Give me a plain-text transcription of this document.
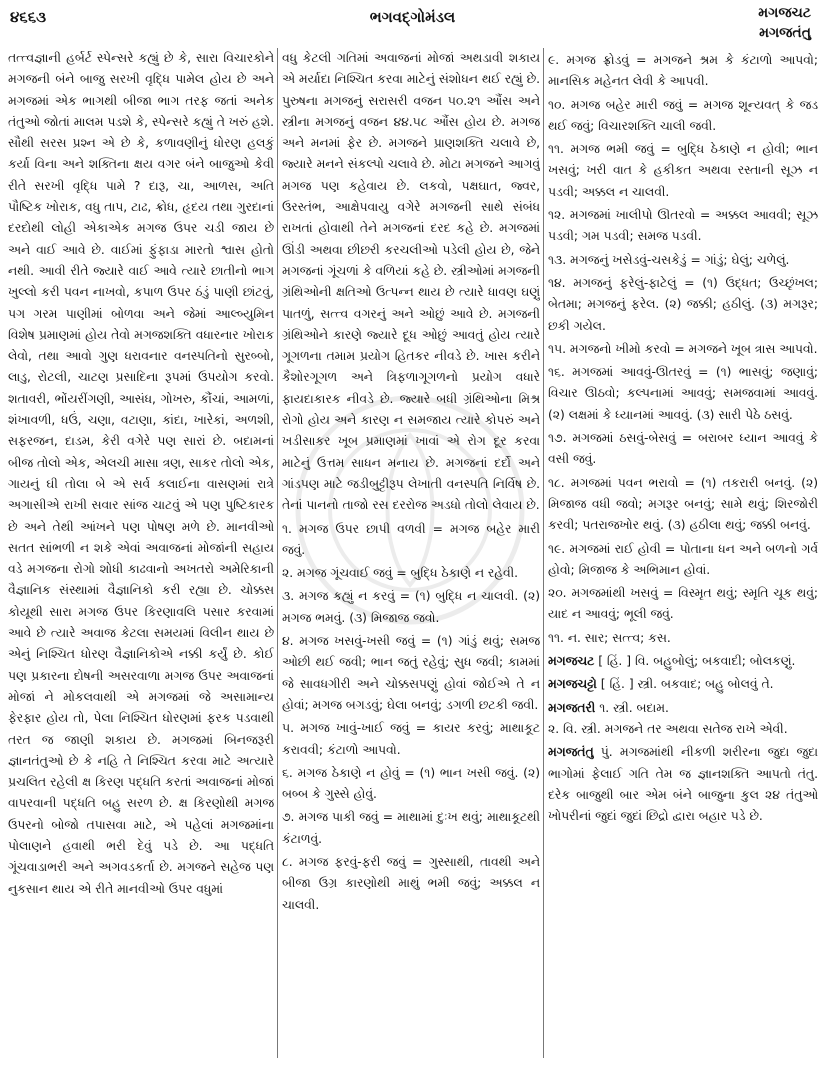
૪૬૬૩	ભગવદ્ગોમંડલ	મગજચટ
મગજતંતુ

તત્ત્વજ્ઞાની હર્બર્ટ સ્પેન્સરે કહ્યું છે કે, સારા વિચારકોને મગજની બંને બાજુ સરખી વૃદ્ધિ પામેલ હોય છે અને મગજમાં એક ભાગથી બીજા ભાગ તરફ જતાં અનેક તંતુઓ જોતાં માલમ પડશે કે, સ્પેન્સરે કહ્યું તે ખરું હશે. સૌથી સરસ પ્રશ્ન એ છે કે, કળાવણીનું ધોરણ હલકું કર્યા વિના અને શક્તિના ક્ષય વગર બંને બાજુઓ કેવી રીતે સરખી વૃદ્ધિ પામે ? દારૂ, ચા, આળસ, અતિ પૌષ્ટિક ખોરાક, વધુ તાપ, ટાઢ, ક્રોધ, હૃદય તથા ગુરદાનાં દરદોથી લોહી એકાએક મગજ ઉપર ચડી જાય છે અને વાઈ આવે છે. વાઈમાં ફુંફાડા મારતો શ્વાસ હોતો નથી. આવી રીતે જ્યારે વાઈ આવે ત્યારે છાતીનો ભાગ ખુલ્લો કરી પવન નાખવો, કપાળ ઉપર ઠંડું પાણી છાંટવું, પગ ગરમ પાણીમાં બોળવા અને જેમાં આલ્બ્યુમિન વિશેષ પ્રમાણમાં હોય તેવો મગજશક્તિ વધારનાર ખોરાક લેવો, તથા આવો ગુણ ધરાવનાર વનસ્પતિનો સુરબ્બો, લાડુ, રોટલી, ચાટણ પ્રસાદિના રૂપમાં ઉપયોગ કરવો. શતાવરી, ભોંયરીંગણી, આસંધ, ગોખરુ, કૌંચાં, આમળાં, શંખાવળી, ધઉં, ચણા, વટાણા, કાંદા, ખારેકાં, અળશી, સફરજન, દાડમ, કેરી વગેરે પણ સારાં છે. બદામનાં બીજ તોલો એક, એલચી માસા ત્રણ, સાકર તોલો એક, ગાયનું ઘી તોલા બે એ સર્વ કલાઈના વાસણમાં રાત્રે અગાસીએ રાખી સવાર સાંજ ચાટવું એ પણ પુષ્ટિકારક છે અને તેથી આંખને પણ પોષણ મળે છે. માનવીઓ સતત સાંભળી ન શકે એવાં અવાજનાં મોજાંની સહાય વડે મગજના રોગો શોધી કાઢવાનો અખતરો અમેરિકાની વૈજ્ઞાનિક સંસ્થામાં વૈજ્ઞાનિકો કરી રહ્યા છે. ચોક્કસ કોયૂથી સારા મગજ ઉપર કિરણાવલિ પસાર કરવામાં આવે છે ત્યારે અવાજ કેટલા સમયમાં વિલીન થાય છે એનું નિશ્ચિત ધોરણ વૈજ્ઞાનિકોએ નક્કી કર્યું છે. કોઈ પણ પ્રકારના દોષની અસરવાળા મગજ ઉપર અવાજનાં મોજાં ને મોકલવાથી એ મગજમાં જે અસામાન્ય ફેરફાર હોય તો, પેલા નિશ્ચિત ધોરણમાં ફરક પડવાથી તરત જ જાણી શકાય છે. મગજમાં બિનજરૂરી જ્ઞાનતંતુઓ છે કે નહિ તે નિશ્ચિત કરવા માટે અત્યારે પ્રચલિત રહેલી ક્ષ કિરણ પદ્ધતિ કરતાં અવાજનાં મોજાં વાપરવાની પદ્ધતિ બહુ સરળ છે. ક્ષ કિરણોથી મગજ ઉપરનો બોજો તપાસવા માટે, એ પહેલાં મગજમાંના પોલાણને હવાથી ભરી દેવું પડે છે. આ પદ્ધતિ ગૂંચવાડાભરી અને અગવડકર્તા છે. મગજને સહેજ પણ નુકસાન થાય એ રીતે માનવીઓ ઉપર વધુમાં

વધુ કેટલી ગતિમાં અવાજનાં મોજાં અથડાવી શકાય એ મર્યાદા નિશ્ચિત કરવા માટેનું સંશોધન થઈ રહ્યું છે. પુરુષના મગજનું સરાસરી વજન ૫૦.૨૧ ઔંસ અને સ્ત્રીના મગજનું વજન ૪૪.૫૮ ઔંસ હોય છે. મગજ અને મનમાં ફેર છે. મગજને પ્રાણશક્તિ ચલાવે છે, જ્યારે મનને સંકલ્પો ચલાવે છે. મોટા મગજને આગવું મગજ પણ કહેવાય છે. લકવો, પક્ષઘાત, જ્વર, ઉરસ્તંભ, આક્ષેપવાયુ વગેરે મગજની સાથે સંબંધ રાખતાં હોવાથી તેને મગજનાં દરદ કહે છે. મગજમાં ઊંડી અથવા છીછરી કરચલીઓ પડેલી હોય છે, જેને મગજનાં ગૂંચળાં કે વળિયાં કહે છે. સ્ત્રીઓમાં મગજની ગ્રંથિઓની ક્ષતિઓ ઉત્પન્ન થાય છે ત્યારે ધાવણ ઘણું પાતળું, સત્ત્વ વગરનું અને ઓછું આવે છે. મગજની ગ્રંથિઓને કારણે જ્યારે દૂધ ઓછું આવતું હોય ત્યારે ગૂગળના તમામ પ્રયોગ હિતકર નીવડે છે. ખાસ કરીને કૈશોરગૂગળ અને ત્રિફળાગૂગળનો પ્રયોગ વધારે ફાયદાકારક નીવડે છે. જ્યારે બધી ગ્રંથિઓના મિશ્ર રોગો હોય અને કારણ ન સમજાય ત્યારે કોપરું અને ખડીસાકર ખૂબ પ્રમાણમાં ખાવાં એ રોગ દૂર કરવા માટેનું ઉત્તમ સાધન મનાય છે. મગજનાં દર્દો અને ગાંડપણ માટે જડીબુટ્ટીરૂપ લેખાતી વનસ્પતિ નિર્વિષ છે. તેનાં પાનનો તાજો રસ દરરોજ અડધો તોલો લેવાય છે.

૧. મગજ ઉપર છાપી વળવી = મગજ બહેર મારી જવું.

૨. મગજ ગૂંચવાઈ જવું = બુદ્ધિ ઠેકાણે ન રહેવી.

૩. મગજ કહ્યું ન કરવું = (૧) બુદ્ધિ ન ચાલવી. (૨) મગજ ભમવું. (૩) મિજાજ જવો.

૪. મગજ ખસવું-ખસી જવું = (૧) ગાંડું થવું; સમજ ઓછી થઈ જવી; ભાન જતું રહેવું; સુધ જવી; કામમાં જે સાવધગીરી અને ચોક્કસપણું હોવાં જોઈએ તે ન હોવાં; મગજ બગડવું; ઘેલા બનવું; ડગળી છટકી જવી.

૫. મગજ ખાવું-ખાઈ જવું = કાયર કરવું; માથાકૂટ કરાવવી; કંટાળો આપવો.

૬. મગજ ઠેકાણે ન હોવું = (૧) ભાન ખસી જવું. (૨) બબ્બ કે ગુસ્સે હોવું.

૭. મગજ પાકી જવું = માથામાં દુઃખ થવું; માથાકૂટથી કંટાળવું.

૮. મગજ ફરવું-ફરી જવું = ગુસ્સાથી, તાવથી અને બીજા ઉગ્ર કારણોથી માથું ભમી જવું; અક્કલ ન ચાલવી.

૯. મગજ ફ્રોડવું = મગજને શ્રમ કે કંટાળો આપવો; માનસિક મહેનત લેવી કે આપવી.

૧૦. મગજ બહેર મારી જવું = મગજ શૂન્યવત્ કે જડ થઈ જવું; વિચારશક્તિ ચાલી જવી.

૧૧. મગજ ભમી જવું = બુદ્ધિ ઠેકાણે ન હોવી; ભાન ખસવું; ખરી વાત કે હકીકત અથવા રસ્તાની સૂઝ ન પડવી; અક્કલ ન ચાલવી.

૧૨. મગજમાં ખાલીપો ઊતરવો = અક્કલ આવવી; સૂઝ પડવી; ગમ પડવી; સમજ પડવી.

૧૩. મગજનું ખસેડવું-ચસકેડું = ગાંડું; ઘેલું; ચળેલું.

૧૪. મગજનું ફરેલું-ફાટેલું = (૧) ઉદ્ધત; ઉચ્છૃંખલ; બેતમા; મગજનું ફરેલ. (૨) જક્કી; હઠીલું. (૩) મગરૂર; છકી ગયેલ.

૧૫. મગજનો ખીમો કરવો = મગજને ખૂબ ત્રાસ આપવો.

૧૬. મગજમાં આવવું-ઊતરવું = (૧) ભાસવું; જણાવું; વિચાર ઊઠવો; કલ્પનામાં આવવું; સમજવામાં આવવું. (૨) લક્ષમાં કે ધ્યાનમાં આવવું. (૩) સારી પેઠે ઠસવું.

૧૭. મગજમાં ઠસવું-બેસવું = બરાબર ધ્યાન આવવું કે વસી જવું.

૧૮. મગજમાં પવન ભરાવો = (૧) તકરારી બનવું. (૨) મિજાજ વધી જવો; મગરૂર બનવું; સામે થવું; શિરજોરી કરવી; પતરાજખોર થવું. (૩) હઠીલા થવું; જક્કી બનવું.

૧૯. મગજમાં રાઈ હોવી = પોતાના ધન અને બળનો ગર્વ હોવો; મિજાજ કે અભિમાન હોવાં.

૨૦. મગજમાંથી ખસવું = વિસ્મૃત થવું; સ્મૃતિ ચૂક થવું; યાદ ન આવવું; ભૂલી જવું.

૧૧. ન. સાર; સત્ત્વ; કસ.

મગજચટ [ હિં. ] વિ. બહુબોલું; બકવાદી; બોલકણું.

મગજચટ્ટો [ હિં. ] સ્ત્રી. બકવાદ; બહુ બોલવું તે.

મગજતરી ૧. સ્ત્રી. બદામ.

૨. વિ. સ્ત્રી. મગજને તર અથવા સતેજ રાખે એવી.

મગજતંતુ પું. મગજમાંથી નીકળી શરીરના જુદા જુદા ભાગોમાં ફેલાઈ ગતિ તેમ જ જ્ઞાનશક્તિ આપતો તંતુ. દરેક બાજુથી બાર એમ બંને બાજુના કુલ ૨૪ તંતુઓ ખોપરીનાં જુદાં જુદાં છિદ્રો દ્વારા બહાર પડે છે.
